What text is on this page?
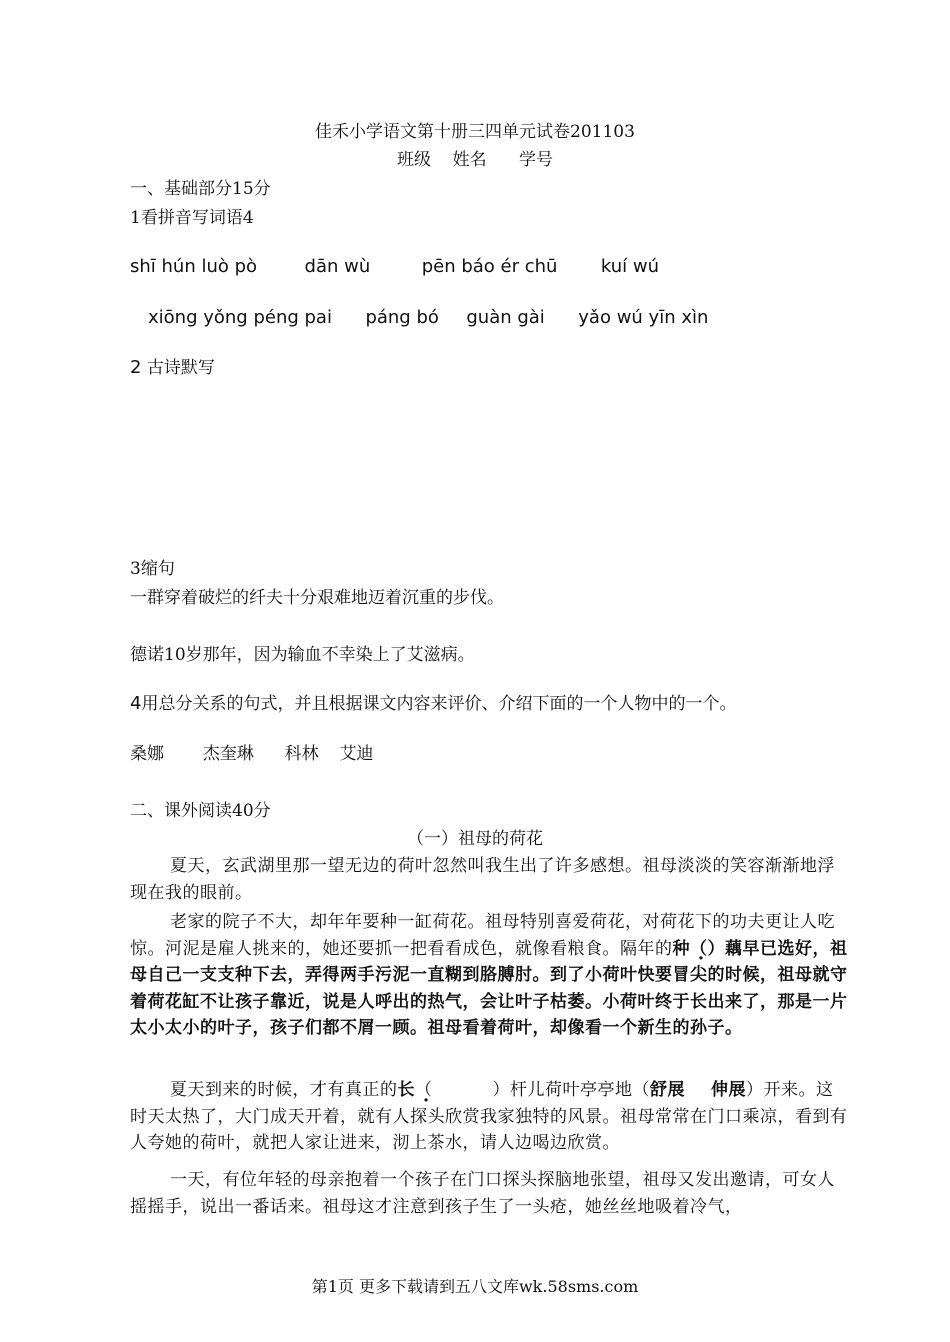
佳禾小学语文第十册三四单元试卷201103
班级    姓名      学号
一、基础部分15分
1看拼音写词语4
shī hún luò pò	dān wù	pēn báo ér chū kuí wú
xiōng yǒng péng pai páng bó guàn gài yǎo wú yīn xìn
2 古诗默写
3缩句
一群穿着破烂的纤夫十分艰难地迈着沉重的步伐。
德诺10岁那年，因为输血不幸染上了艾滋病。
4用总分关系的句式，并且根据课文内容来评价、介绍下面的一个人物中的一个。
桑娜 杰奎琳 科林 艾迪
二、课外阅读40分
（一）祖母的荷花
夏天，玄武湖里那一望无边的荷叶忽然叫我生出了许多感想。祖母淡淡的笑容渐渐地浮现在我的眼前。
老家的院子不大，却年年要种一缸荷花。祖母特别喜爱荷花，对荷花下的功夫更让人吃惊。河泥是雇人挑来的，她还要抓一把看看成色，就像看粮食。隔年的种（）藕早已选好，祖母自己一支支种下去，弄得两手污泥一直糊到胳膊肘。到了小荷叶快要冒尖的时候，祖母就守着荷花缸不让孩子靠近，说是人呼出的热气，会让叶子枯萎。小荷叶终于长出来了，那是一片太小太小的叶子，孩子们都不屑一顾。祖母看着荷叶，却像看一个新生的孙子。
夏天到来的时候，才有真正的长（	）杆儿荷叶亭亭地（舒展 伸展）开来。这时天太热了，大门成天开着，就有人探头欣赏我家独特的风景。祖母常常在门口乘凉，看到有人夸她的荷叶，就把人家让进来，沏上茶水，请人边喝边欣赏。
一天，有位年轻的母亲抱着一个孩子在门口探头探脑地张望，祖母又发出邀请，可女人摇摇手，说出一番话来。祖母这才注意到孩子生了一头疮，她丝丝地吸着冷气，
第1页 更多下载请到五八文库wk.58sms.com
